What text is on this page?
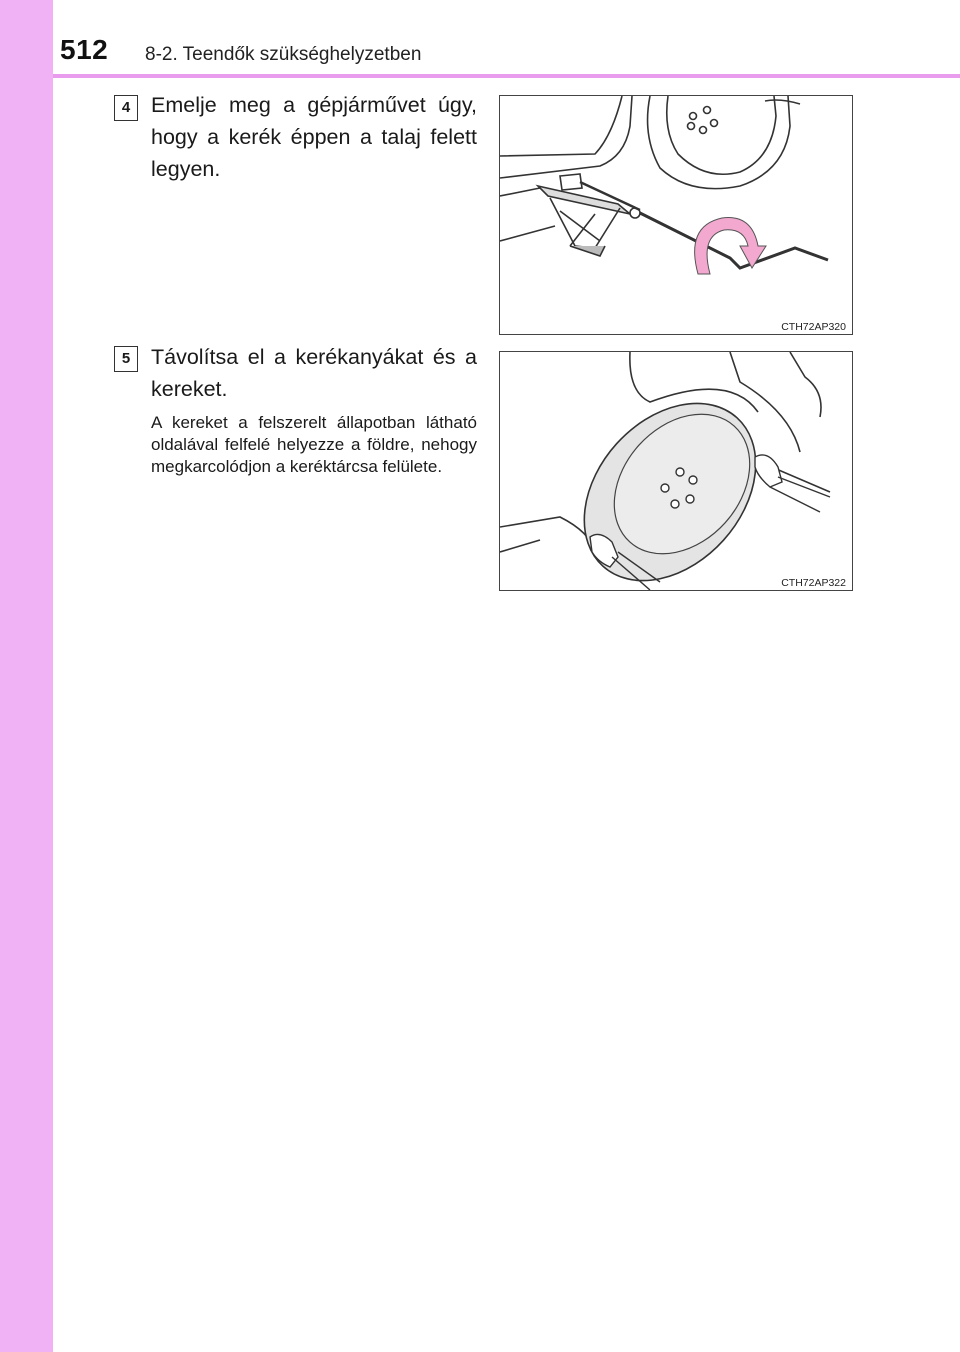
512 8-2. Teendők szükséghelyzetben
4 Emelje meg a gépjárművet úgy, hogy a kerék éppen a talaj felett legyen.
CTH72AP320
5 Távolítsa el a kerékanyákat és a kereket.
A kereket a felszerelt állapotban látható oldalával felfelé helyezze a földre, nehogy megkarcolódjon a keréktárcsa felülete.
CTH72AP322
